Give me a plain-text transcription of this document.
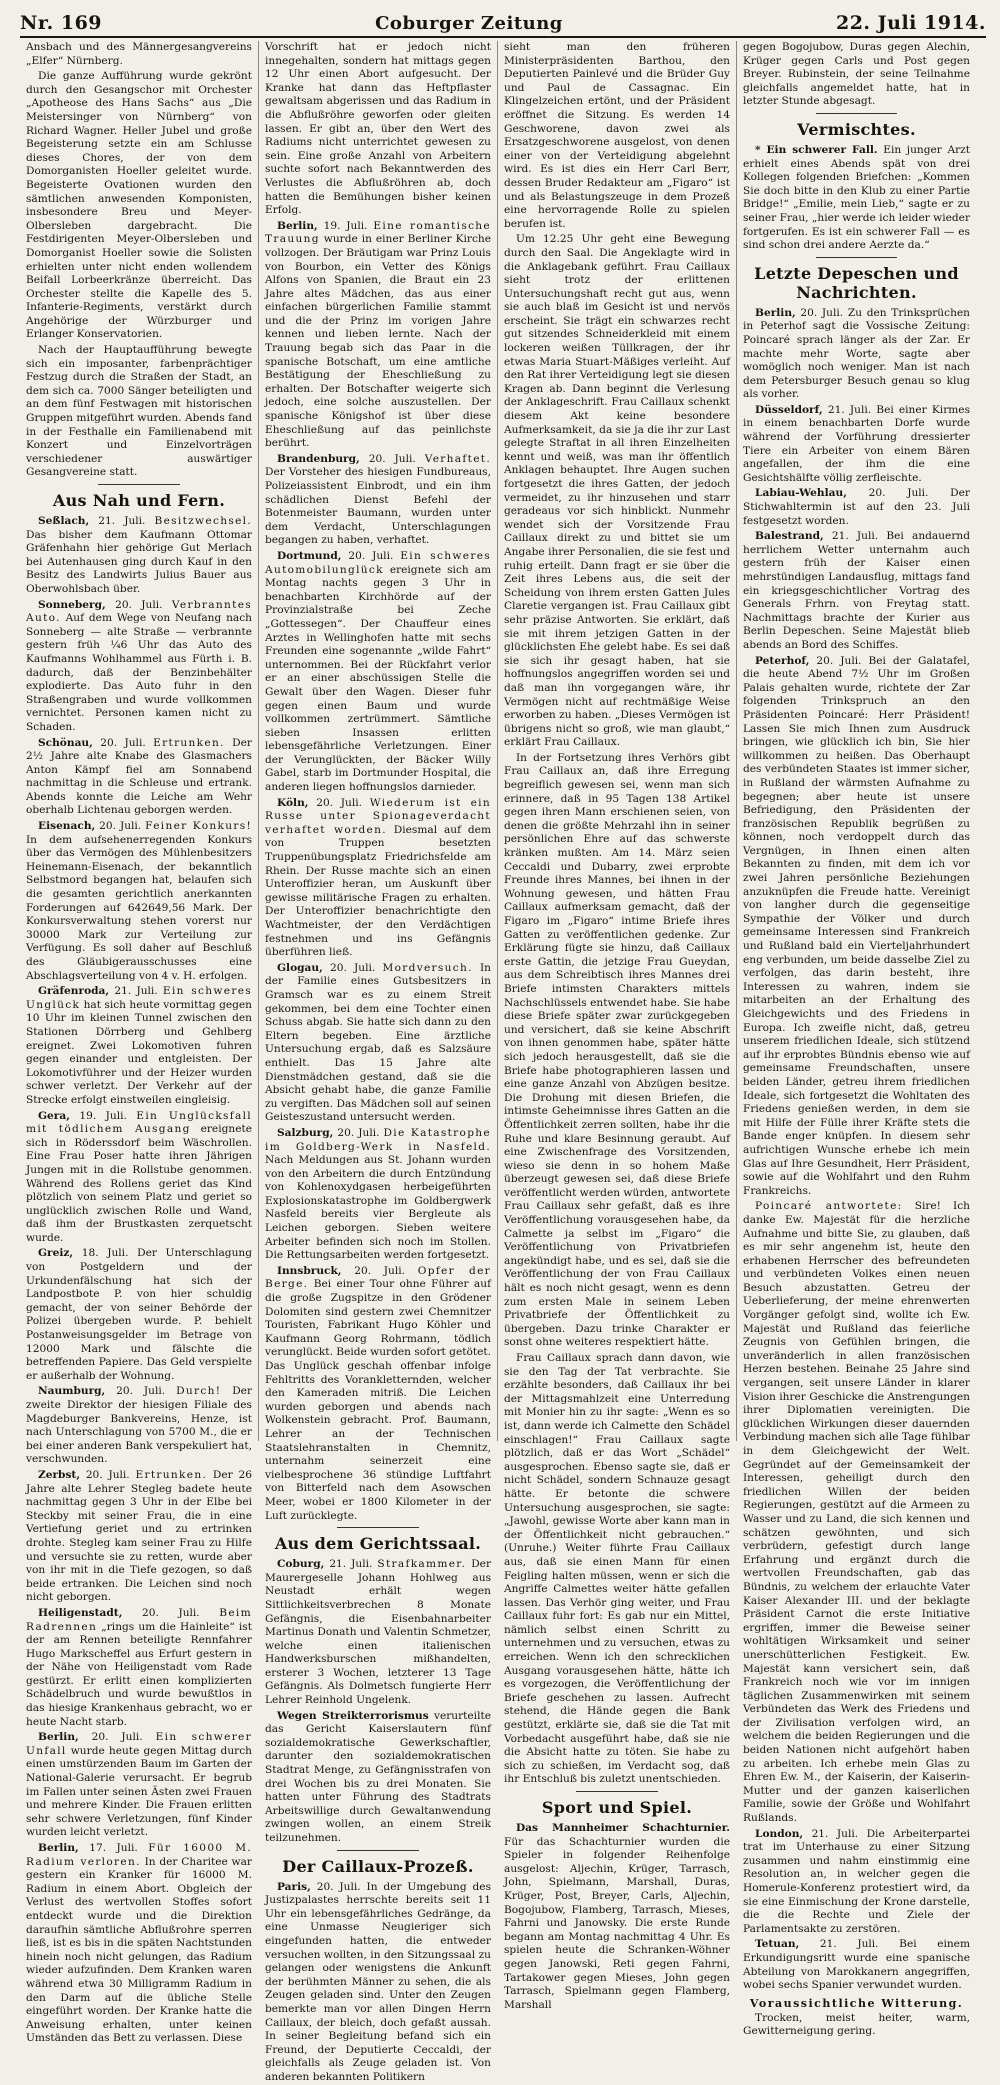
Nr. 169	Coburger Zeitung	22. Juli 1914.

Ansbach und des Männergesangvereins „Elfer“ Nürnberg.

Die ganze Aufführung wurde gekrönt durch den Gesangschor mit Orchester „Apotheose des Hans Sachs“ aus „Die Meistersinger von Nürnberg“ von Richard Wagner. Heller Jubel und große Begeisterung setzte ein am Schlusse dieses Chores, der von dem Domorganisten Hoeller geleitet wurde. Begeisterte Ovationen wurden den sämtlichen anwesenden Komponisten, insbesondere Breu und Meyer-Olbersleben dargebracht. Die Festdirigenten Meyer-Olbersleben und Domorganist Hoeller sowie die Solisten erhielten unter nicht enden wollendem Beifall Lorbeerkränze überreicht. Das Orchester stellte die Kapelle des 5. Infanterie-Regiments, verstärkt durch Angehörige der Würzburger und Erlanger Konservatorien.

Nach der Hauptaufführung bewegte sich ein imposanter, farbenprächtiger Festzug durch die Straßen der Stadt, an dem sich ca. 7000 Sänger beteiligten und an dem fünf Festwagen mit historischen Gruppen mitgeführt wurden. Abends fand in der Festhalle ein Familienabend mit Konzert und Einzelvorträgen verschiedener auswärtiger Gesangvereine statt.

Aus Nah und Fern.

Seßlach, 21. Juli. Besitzwechsel. Das bisher dem Kaufmann Ottomar Gräfenhahn hier gehörige Gut Merlach bei Autenhausen ging durch Kauf in den Besitz des Landwirts Julius Bauer aus Oberwohlsbach über.

Sonneberg, 20. Juli. Verbranntes Auto. Auf dem Wege von Neufang nach Sonneberg — alte Straße — verbrannte gestern früh ¼6 Uhr das Auto des Kaufmanns Wohlhammel aus Fürth i. B. dadurch, daß der Benzinbehälter explodierte. Das Auto fuhr in den Straßengraben und wurde vollkommen vernichtet. Personen kamen nicht zu Schaden.

Schönau, 20. Juli. Ertrunken. Der 2½ Jahre alte Knabe des Glasmachers Anton Kämpf fiel am Sonnabend nachmittag in die Schleuse und ertrank. Abends konnte die Leiche am Wehr oberhalb Lichtenau geborgen werden.

Eisenach, 20. Juli. Feiner Konkurs! In dem aufsehenerregenden Konkurs über das Vermögen des Mühlenbesitzers Heinemann-Eisenach, der bekanntlich Selbstmord begangen hat, belaufen sich die gesamten gerichtlich anerkannten Forderungen auf 642649,56 Mark. Der Konkursverwaltung stehen vorerst nur 30000 Mark zur Verteilung zur Verfügung. Es soll daher auf Beschluß des Gläubigerausschusses eine Abschlagsverteilung von 4 v. H. erfolgen.

Gräfenroda, 21. Juli. Ein schweres Unglück hat sich heute vormittag gegen 10 Uhr im kleinen Tunnel zwischen den Stationen Dörrberg und Gehlberg ereignet. Zwei Lokomotiven fuhren gegen einander und entgleisten. Der Lokomotivführer und der Heizer wurden schwer verletzt. Der Verkehr auf der Strecke erfolgt einstweilen eingleisig.

Gera, 19. Juli. Ein Unglücksfall mit tödlichem Ausgang ereignete sich in Röderssdorf beim Wäschrollen. Eine Frau Poser hatte ihren Jährigen Jungen mit in die Rollstube genommen. Während des Rollens geriet das Kind plötzlich von seinem Platz und geriet so unglücklich zwischen Rolle und Wand, daß ihm der Brustkasten zerquetscht wurde.

Greiz, 18. Juli. Der Unterschlagung von Postgeldern und der Urkundenfälschung hat sich der Landpostbote P. von hier schuldig gemacht, der von seiner Behörde der Polizei übergeben wurde. P. behielt Postanweisungsgelder im Betrage von 12000 Mark und fälschte die betreffenden Papiere. Das Geld verspielte er außerhalb der Wohnung.

Naumburg, 20. Juli. Durch! Der zweite Direktor der hiesigen Filiale des Magdeburger Bankvereins, Henze, ist nach Unterschlagung von 5700 M., die er bei einer anderen Bank verspekuliert hat, verschwunden.

Zerbst, 20. Juli. Ertrunken. Der 26 Jahre alte Lehrer Stegleg badete heute nachmittag gegen 3 Uhr in der Elbe bei Steckby mit seiner Frau, die in eine Vertiefung geriet und zu ertrinken drohte. Stegleg kam seiner Frau zu Hilfe und versuchte sie zu retten, wurde aber von ihr mit in die Tiefe gezogen, so daß beide ertranken. Die Leichen sind noch nicht geborgen.

Heiligenstadt, 20. Juli. Beim Radrennen „rings um die Hainleite“ ist der am Rennen beteiligte Rennfahrer Hugo Markscheffel aus Erfurt gestern in der Nähe von Heiligenstadt vom Rade gestürzt. Er erlitt einen komplizierten Schädelbruch und wurde bewußtlos in das hiesige Krankenhaus gebracht, wo er heute Nacht starb.

Berlin, 20. Juli. Ein schwerer Unfall wurde heute gegen Mittag durch einen umstürzenden Baum im Garten der National-Galerie verursacht. Er begrub im Fallen unter seinen Ästen zwei Frauen und mehrere Kinder. Die Frauen erlitten sehr schwere Verletzungen, fünf Kinder wurden leicht verletzt.

Berlin, 17. Juli. Für 16000 M. Radium verloren. In der Charitee war gestern ein Kranker für 16000 M. Radium in einem Abort. Obgleich der Verlust des wertvollen Stoffes sofort entdeckt wurde und die Direktion daraufhin sämtliche Abflußrohre sperren ließ, ist es bis in die späten Nachtstunden hinein noch nicht gelungen, das Radium wieder aufzufinden. Dem Kranken waren während etwa 30 Milligramm Radium in den Darm auf die übliche Stelle eingeführt worden. Der Kranke hatte die Anweisung erhalten, unter keinen Umständen das Bett zu verlassen. Diese

Vorschrift hat er jedoch nicht innegehalten, sondern hat mittags gegen 12 Uhr einen Abort aufgesucht. Der Kranke hat dann das Heftpflaster gewaltsam abgerissen und das Radium in die Abflußröhre geworfen oder gleiten lassen. Er gibt an, über den Wert des Radiums nicht unterrichtet gewesen zu sein. Eine große Anzahl von Arbeitern suchte sofort nach Bekanntwerden des Verlustes die Abflußröhren ab, doch hatten die Bemühungen bisher keinen Erfolg.

Berlin, 19. Juli. Eine romantische Trauung wurde in einer Berliner Kirche vollzogen. Der Bräutigam war Prinz Louis von Bourbon, ein Vetter des Königs Alfons von Spanien, die Braut ein 23 Jahre altes Mädchen, das aus einer einfachen bürgerlichen Familie stammt und die der Prinz im vorigen Jahre kennen und lieben lernte. Nach der Trauung begab sich das Paar in die spanische Botschaft, um eine amtliche Bestätigung der Eheschließung zu erhalten. Der Botschafter weigerte sich jedoch, eine solche auszustellen. Der spanische Königshof ist über diese Eheschließung auf das peinlichste berührt.

Brandenburg, 20. Juli. Verhaftet. Der Vorsteher des hiesigen Fundbureaus, Polizeiassistent Einbrodt, und ein ihm schädlichen Dienst Befehl der Botenmeister Baumann, wurden unter dem Verdacht, Unterschlagungen begangen zu haben, verhaftet.

Dortmund, 20. Juli. Ein schweres Automobilunglück ereignete sich am Montag nachts gegen 3 Uhr in benachbarten Kirchhörde auf der Provinzialstraße bei Zeche „Gottessegen“. Der Chauffeur eines Arztes in Wellinghofen hatte mit sechs Freunden eine sogenannte „wilde Fahrt“ unternommen. Bei der Rückfahrt verlor er an einer abschüssigen Stelle die Gewalt über den Wagen. Dieser fuhr gegen einen Baum und wurde vollkommen zertrümmert. Sämtliche sieben Insassen erlitten lebensgefährliche Verletzungen. Einer der Verunglückten, der Bäcker Willy Gabel, starb im Dortmunder Hospital, die anderen liegen hoffnungslos darnieder.

Köln, 20. Juli. Wiederum ist ein Russe unter Spionageverdacht verhaftet worden. Diesmal auf dem von Truppen besetzten Truppenübungsplatz Friedrichsfelde am Rhein. Der Russe machte sich an einen Unteroffizier heran, um Auskunft über gewisse militärische Fragen zu erhalten. Der Unteroffizier benachrichtigte den Wachtmeister, der den Verdächtigen festnehmen und ins Gefängnis überführen ließ.

Glogau, 20. Juli. Mordversuch. In der Familie eines Gutsbesitzers in Gramsch war es zu einem Streit gekommen, bei dem eine Tochter einen Schuss abgab. Sie hatte sich dann zu den Eltern begeben. Eine ärztliche Untersuchung ergab, daß es Salzsäure enthielt. Das 15 Jahre alte Dienstmädchen gestand, daß sie die Absicht gehabt habe, die ganze Familie zu vergiften. Das Mädchen soll auf seinen Geisteszustand untersucht werden.

Salzburg, 20. Juli. Die Katastrophe im Goldberg-Werk in Nasfeld. Nach Meldungen aus St. Johann wurden von den Arbeitern die durch Entzündung von Kohlenoxydgasen herbeigeführten Explosionskatastrophe im Goldbergwerk Nasfeld bereits vier Bergleute als Leichen geborgen. Sieben weitere Arbeiter befinden sich noch im Stollen. Die Rettungsarbeiten werden fortgesetzt.

Innsbruck, 20. Juli. Opfer der Berge. Bei einer Tour ohne Führer auf die große Zugspitze in den Grödener Dolomiten sind gestern zwei Chemnitzer Touristen, Fabrikant Hugo Köhler und Kaufmann Georg Rohrmann, tödlich verunglückt. Beide wurden sofort getötet. Das Unglück geschah offenbar infolge Fehltritts des Vorankletternden, welcher den Kameraden mitriß. Die Leichen wurden geborgen und abends nach Wolkenstein gebracht. Prof. Baumann, Lehrer an der Technischen Staatslehranstalten in Chemnitz, unternahm seinerzeit eine vielbesprochene 36 stündige Luftfahrt von Bitterfeld nach dem Asowschen Meer, wobei er 1800 Kilometer in der Luft zurücklegte.

Aus dem Gerichtssaal.

Coburg, 21. Juli. Strafkammer. Der Maurergeselle Johann Hohlweg aus Neustadt erhält wegen Sittlichkeitsverbrechen 8 Monate Gefängnis, die Eisenbahnarbeiter Martinus Donath und Valentin Schmetzer, welche einen italienischen Handwerksburschen mißhandelten, ersterer 3 Wochen, letzterer 13 Tage Gefängnis. Als Dolmetsch fungierte Herr Lehrer Reinhold Ungelenk.

Wegen Streikterrorismus verurteilte das Gericht Kaiserslautern fünf sozialdemokratische Gewerkschaftler, darunter den sozialdemokratischen Stadtrat Menge, zu Gefängnisstrafen von drei Wochen bis zu drei Monaten. Sie hatten unter Führung des Stadtrats Arbeitswillige durch Gewaltanwendung zwingen wollen, an einem Streik teilzunehmen.

Der Caillaux-Prozeß.

Paris, 20. Juli. In der Umgebung des Justizpalastes herrschte bereits seit 11 Uhr ein lebensgefährliches Gedränge, da eine Unmasse Neugieriger sich eingefunden hatten, die entweder versuchen wollten, in den Sitzungssaal zu gelangen oder wenigstens die Ankunft der berühmten Männer zu sehen, die als Zeugen geladen sind. Unter den Zeugen bemerkte man vor allen Dingen Herrn Caillaux, der bleich, doch gefaßt aussah. In seiner Begleitung befand sich ein Freund, der Deputierte Ceccaldi, der gleichfalls als Zeuge geladen ist. Von anderen bekannten Politikern

sieht man den früheren Ministerpräsidenten Barthou, den Deputierten Painlevé und die Brüder Guy und Paul de Cassagnac. Ein Klingelzeichen ertönt, und der Präsident eröffnet die Sitzung. Es werden 14 Geschworene, davon zwei als Ersatzgeschworene ausgelost, von denen einer von der Verteidigung abgelehnt wird. Es ist dies ein Herr Carl Berr, dessen Bruder Redakteur am „Figaro“ ist und als Belastungszeuge in dem Prozeß eine hervorragende Rolle zu spielen berufen ist.

Um 12.25 Uhr geht eine Bewegung durch den Saal. Die Angeklagte wird in die Anklagebank geführt. Frau Caillaux sieht trotz der erlittenen Untersuchungshaft recht gut aus, wenn sie auch blaß im Gesicht ist und nervös erscheint. Sie trägt ein schwarzes recht gut sitzendes Schneiderkleid mit einem lockeren weißen Tüllkragen, der ihr etwas Maria Stuart-Mäßiges verleiht. Auf den Rat ihrer Verteidigung legt sie diesen Kragen ab. Dann beginnt die Verlesung der Anklageschrift. Frau Caillaux schenkt diesem Akt keine besondere Aufmerksamkeit, da sie ja die ihr zur Last gelegte Straftat in all ihren Einzelheiten kennt und weiß, was man ihr öffentlich Anklagen behauptet. Ihre Augen suchen fortgesetzt die ihres Gatten, der jedoch vermeidet, zu ihr hinzusehen und starr geradeaus vor sich hinblickt. Nunmehr wendet sich der Vorsitzende Frau Caillaux direkt zu und bittet sie um Angabe ihrer Personalien, die sie fest und ruhig erteilt. Dann fragt er sie über die Zeit ihres Lebens aus, die seit der Scheidung von ihrem ersten Gatten Jules Claretie vergangen ist. Frau Caillaux gibt sehr präzise Antworten. Sie erklärt, daß sie mit ihrem jetzigen Gatten in der glücklichsten Ehe gelebt habe. Es sei daß sie sich ihr gesagt haben, hat sie hoffnungslos angegriffen worden sei und daß man ihn vorgegangen wäre, ihr Vermögen nicht auf rechtmäßige Weise erworben zu haben. „Dieses Vermögen ist übrigens nicht so groß, wie man glaubt,“ erklärt Frau Caillaux.

In der Fortsetzung ihres Verhörs gibt Frau Caillaux an, daß ihre Erregung begreiflich gewesen sei, wenn man sich erinnere, daß in 95 Tagen 138 Artikel gegen ihren Mann erschienen seien, von denen die größte Mehrzahl ihn in seiner persönlichen Ehre auf das schwerste kränken mußten. Am 14. März seien Ceccaldi und Dubarry, zwei erprobte Freunde ihres Mannes, bei ihnen in der Wohnung gewesen, und hätten Frau Caillaux aufmerksam gemacht, daß der Figaro im „Figaro“ intime Briefe ihres Gatten zu veröffentlichen gedenke. Zur Erklärung fügte sie hinzu, daß Caillaux erste Gattin, die jetzige Frau Gueydan, aus dem Schreibtisch ihres Mannes drei Briefe intimsten Charakters mittels Nachschlüssels entwendet habe. Sie habe diese Briefe später zwar zurückgegeben und versichert, daß sie keine Abschrift von ihnen genommen habe, später hätte sich jedoch herausgestellt, daß sie die Briefe habe photographieren lassen und eine ganze Anzahl von Abzügen besitze. Die Drohung mit diesen Briefen, die intimste Geheimnisse ihres Gatten an die Öffentlichkeit zerren sollten, habe ihr die Ruhe und klare Besinnung geraubt. Auf eine Zwischenfrage des Vorsitzenden, wieso sie denn in so hohem Maße überzeugt gewesen sei, daß diese Briefe veröffentlicht werden würden, antwortete Frau Caillaux sehr gefaßt, daß es ihre Veröffentlichung vorausgesehen habe, da Calmette ja selbst im „Figaro“ die Veröffentlichung von Privatbriefen angekündigt habe, und es sei, daß sie die Veröffentlichung der von Frau Caillaux hält es noch nicht gesagt, wenn es denn zum ersten Male in seinem Leben Privatbriefe der Öffentlichkeit zu übergeben. Dazu trinke Charakter er sonst ohne weiteres respektiert hätte.

Frau Caillaux sprach dann davon, wie sie den Tag der Tat verbrachte. Sie erzählte besonders, daß Caillaux ihr bei der Mittagsmahlzeit eine Unterredung mit Monier hin zu ihr sagte: „Wenn es so ist, dann werde ich Calmette den Schädel einschlagen!“ Frau Caillaux sagte plötzlich, daß er das Wort „Schädel“ ausgesprochen. Ebenso sagte sie, daß er nicht Schädel, sondern Schnauze gesagt hätte. Er betonte die schwere Untersuchung ausgesprochen, sie sagte: „Jawohl, gewisse Worte aber kann man in der Öffentlichkeit nicht gebrauchen.“ (Unruhe.) Weiter führte Frau Caillaux aus, daß sie einen Mann für einen Feigling halten müssen, wenn er sich die Angriffe Calmettes weiter hätte gefallen lassen. Das Verhör ging weiter, und Frau Caillaux fuhr fort: Es gab nur ein Mittel, nämlich selbst einen Schritt zu unternehmen und zu versuchen, etwas zu erreichen. Wenn ich den schrecklichen Ausgang vorausgesehen hätte, hätte ich es vorgezogen, die Veröffentlichung der Briefe geschehen zu lassen. Aufrecht stehend, die Hände gegen die Bank gestützt, erklärte sie, daß sie die Tat mit Vorbedacht ausgeführt habe, daß sie nie die Absicht hatte zu töten. Sie habe zu sich zu schießen, im Verdacht sog, daß ihr Entschluß bis zuletzt unentschieden.

Sport und Spiel.

Das Mannheimer Schachturnier. Für das Schachturnier wurden die Spieler in folgender Reihenfolge ausgelost: Aljechin, Krüger, Tarrasch, John, Spielmann, Marshall, Duras, Krüger, Post, Breyer, Carls, Aljechin, Bogojubow, Flamberg, Tarrasch, Mieses, Fahrni und Janowsky. Die erste Runde begann am Montag nachmittag 4 Uhr. Es spielen heute die Schranken-Wöhner gegen Janowski, Reti gegen Fahrni, Tartakower gegen Mieses, John gegen Tarrasch, Spielmann gegen Flamberg, Marshall

gegen Bogojubow, Duras gegen Alechin, Krüger gegen Carls und Post gegen Breyer. Rubinstein, der seine Teilnahme gleichfalls angemeldet hatte, hat in letzter Stunde abgesagt.

Vermischtes.

* Ein schwerer Fall. Ein junger Arzt erhielt eines Abends spät von drei Kollegen folgenden Briefchen: „Kommen Sie doch bitte in den Klub zu einer Partie Bridge!“ „Emilie, mein Lieb,“ sagte er zu seiner Frau, „hier werde ich leider wieder fortgerufen. Es ist ein schwerer Fall — es sind schon drei andere Aerzte da.“

Letzte Depeschen und Nachrichten.

Berlin, 20. Juli. Zu den Trinksprüchen in Peterhof sagt die Vossische Zeitung: Poincaré sprach länger als der Zar. Er machte mehr Worte, sagte aber womöglich noch weniger. Man ist nach dem Petersburger Besuch genau so klug als vorher.

Düsseldorf, 21. Juli. Bei einer Kirmes in einem benachbarten Dorfe wurde während der Vorführung dressierter Tiere ein Arbeiter von einem Bären angefallen, der ihm die eine Gesichtshälfte völlig zerfleischte.

Labiau-Wehlau, 20. Juli. Der Stichwahltermin ist auf den 23. Juli festgesetzt worden.

Balestrand, 21. Juli. Bei andauernd herrlichem Wetter unternahm auch gestern früh der Kaiser einen mehrstündigen Landausflug, mittags fand ein kriegsgeschichtlicher Vortrag des Generals Frhrn. von Freytag statt. Nachmittags brachte der Kurier aus Berlin Depeschen. Seine Majestät blieb abends an Bord des Schiffes.

Peterhof, 20. Juli. Bei der Galatafel, die heute Abend 7½ Uhr im Großen Palais gehalten wurde, richtete der Zar folgenden Trinkspruch an den Präsidenten Poincaré: Herr Präsident! Lassen Sie mich Ihnen zum Ausdruck bringen, wie glücklich ich bin, Sie hier willkommen zu heißen. Das Oberhaupt des verbündeten Staates ist immer sicher, in Rußland der wärmsten Aufnahme zu begegnen; aber heute ist unsere Befriedigung, den Präsidenten der französischen Republik begrüßen zu können, noch verdoppelt durch das Vergnügen, in Ihnen einen alten Bekannten zu finden, mit dem ich vor zwei Jahren persönliche Beziehungen anzuknüpfen die Freude hatte. Vereinigt von langher durch die gegenseitige Sympathie der Völker und durch gemeinsame Interessen sind Frankreich und Rußland bald ein Vierteljahrhundert eng verbunden, um beide dasselbe Ziel zu verfolgen, das darin besteht, ihre Interessen zu wahren, indem sie mitarbeiten an der Erhaltung des Gleichgewichts und des Friedens in Europa. Ich zweifle nicht, daß, getreu unserem friedlichen Ideale, sich stützend auf ihr erprobtes Bündnis ebenso wie auf gemeinsame Freundschaften, unsere beiden Länder, getreu ihrem friedlichen Ideale, sich fortgesetzt die Wohltaten des Friedens genießen werden, in dem sie mit Hilfe der Fülle ihrer Kräfte stets die Bande enger knüpfen. In diesem sehr aufrichtigen Wunsche erhebe ich mein Glas auf Ihre Gesundheit, Herr Präsident, sowie auf die Wohlfahrt und den Ruhm Frankreichs.

Poincaré antwortete: Sire! Ich danke Ew. Majestät für die herzliche Aufnahme und bitte Sie, zu glauben, daß es mir sehr angenehm ist, heute den erhabenen Herrscher des befreundeten und verbündeten Volkes einen neuen Besuch abzustatten. Getreu der Ueberlieferung, der meine ehrenwerten Vorgänger gefolgt sind, wollte ich Ew. Majestät und Rußland das feierliche Zeugnis von Gefühlen bringen, die unveränderlich in allen französischen Herzen bestehen. Beinahe 25 Jahre sind vergangen, seit unsere Länder in klarer Vision ihrer Geschicke die Anstrengungen ihrer Diplomatien vereinigten. Die glücklichen Wirkungen dieser dauernden Verbindung machen sich alle Tage fühlbar in dem Gleichgewicht der Welt. Gegründet auf der Gemeinsamkeit der Interessen, geheiligt durch den friedlichen Willen der beiden Regierungen, gestützt auf die Armeen zu Wasser und zu Land, die sich kennen und schätzen gewöhnten, und sich verbrüdern, gefestigt durch lange Erfahrung und ergänzt durch die wertvollen Freundschaften, gab das Bündnis, zu welchem der erlauchte Vater Kaiser Alexander III. und der beklagte Präsident Carnot die erste Initiative ergriffen, immer die Beweise seiner wohltätigen Wirksamkeit und seiner unerschütterlichen Festigkeit. Ew. Majestät kann versichert sein, daß Frankreich noch wie vor im innigen täglichen Zusammenwirken mit seinem Verbündeten das Werk des Friedens und der Zivilisation verfolgen wird, an welchem die beiden Regierungen und die beiden Nationen nicht aufgehört haben zu arbeiten. Ich erhebe mein Glas zu Ehren Ew. M., der Kaiserin, der Kaiserin-Mutter und der ganzen kaiserlichen Familie, sowie der Größe und Wohlfahrt Rußlands.

London, 21. Juli. Die Arbeiterpartei trat im Unterhause zu einer Sitzung zusammen und nahm einstimmig eine Resolution an, in welcher gegen die Homerule-Konferenz protestiert wird, da sie eine Einmischung der Krone darstelle, die die Rechte und Ziele der Parlamentsakte zu zerstören.

Tetuan, 21. Juli. Bei einem Erkundigungsritt wurde eine spanische Abteilung von Marokkanern angegriffen, wobei sechs Spanier verwundet wurden.

Voraussichtliche Witterung.

Trocken, meist heiter, warm, Gewitterneigung gering.
